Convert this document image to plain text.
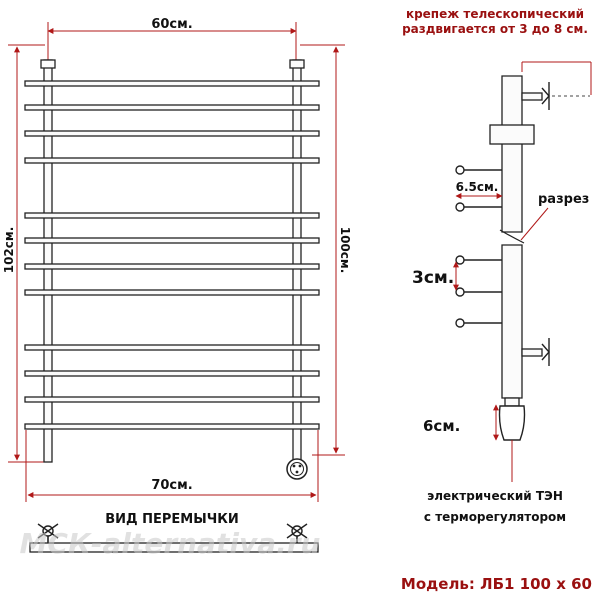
60см.
102см.	100см.
70см.
ВИД ПЕРЕМЫЧКИ
МСК-alternativa.ru
крепеж телескопический
раздвигается от 3 до 8 см.
6.5см.
разрез
3см.
6см.
электрический ТЭН
с терморегулятором
Модель: ЛБ1 100 х 60
